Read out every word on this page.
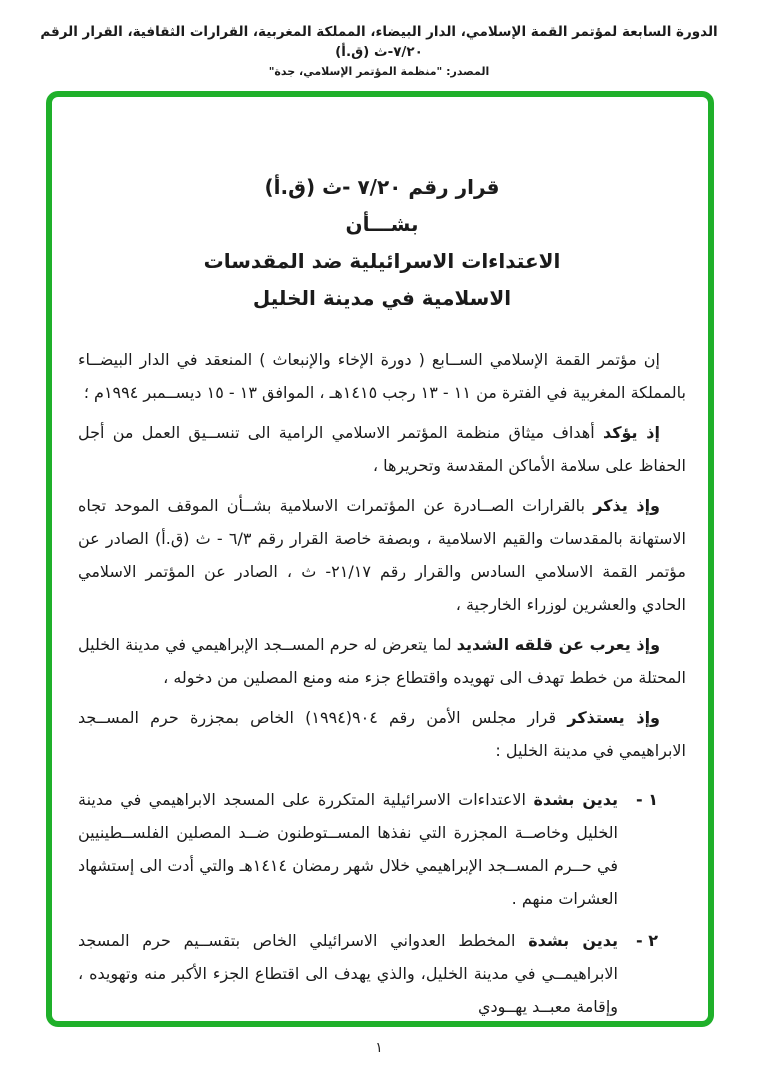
الدورة السابعة لمؤتمر القمة الإسلامي، الدار البيضاء، المملكة المغربية، القرارات الثقافية، القرار الرقم ٧/٢٠-ث (ق.أ)
المصدر: "منظمة المؤتمر الإسلامي، جدة"
قرار رقم ٧/٢٠ -ث (ق.أ)
بشـــأن
الاعتداءات الاسرائيلية ضد المقدسات
الاسلامية في مدينة الخليل

إن مؤتمر القمة الإسلامي الســابع ( دورة الإخاء والإنبعاث ) المنعقد في الدار البيضــاء بالمملكة المغربية في الفترة من ١١ - ١٣ رجب ١٤١٥هـ ، الموافق ١٣ - ١٥ ديســمبر ١٩٩٤م ؛

إذ يؤكد أهداف ميثاق منظمة المؤتمر الاسلامي الرامية الى تنســيق العمل من أجل الحفاظ على سلامة الأماكن المقدسة وتحريرها ،

وإذ يذكر بالقرارات الصــادرة عن المؤتمرات الاسلامية بشــأن الموقف الموحد تجاه الاستهانة بالمقدسات والقيم الاسلامية ، وبصفة خاصة القرار رقم ٦/٣ - ث (ق.أ) الصادر عن مؤتمر القمة الاسلامي السادس والقرار رقم ٢١/١٧- ث ، الصادر عن المؤتمر الاسلامي الحادي والعشرين لوزراء الخارجية ،

وإذ يعرب عن قلقه الشديد لما يتعرض له حرم المســجد الإبراهيمي في مدينة الخليل المحتلة من خطط تهدف الى تهويده واقتطاع جزء منه ومنع المصلين من دخوله ،

وإذ يستذكر قرار مجلس الأمن رقم ٩٠٤(١٩٩٤) الخاص بمجزرة حرم المســجد الابراهيمي في مدينة الخليل :

١ -
يدين بشدة الاعتداءات الاسرائيلية المتكررة على المسجد الابراهيمي في مدينة الخليل وخاصــة المجزرة التي نفذها المســتوطنون ضــد المصلين الفلســطينيين في حــرم المســجد الإبراهيمي خلال شهر رمضان ١٤١٤هـ والتي أدت الى إستشهاد العشرات منهم .
٢ -
يدين بشدة المخطط العدواني الاسرائيلي الخاص بتقســيم حرم المسجد الابراهيمــي في مدينة الخليل، والذي يهدف الى اقتطاع الجزء الأكبر منه وتهويده ، وإقامة معبــد يهــودي
١
